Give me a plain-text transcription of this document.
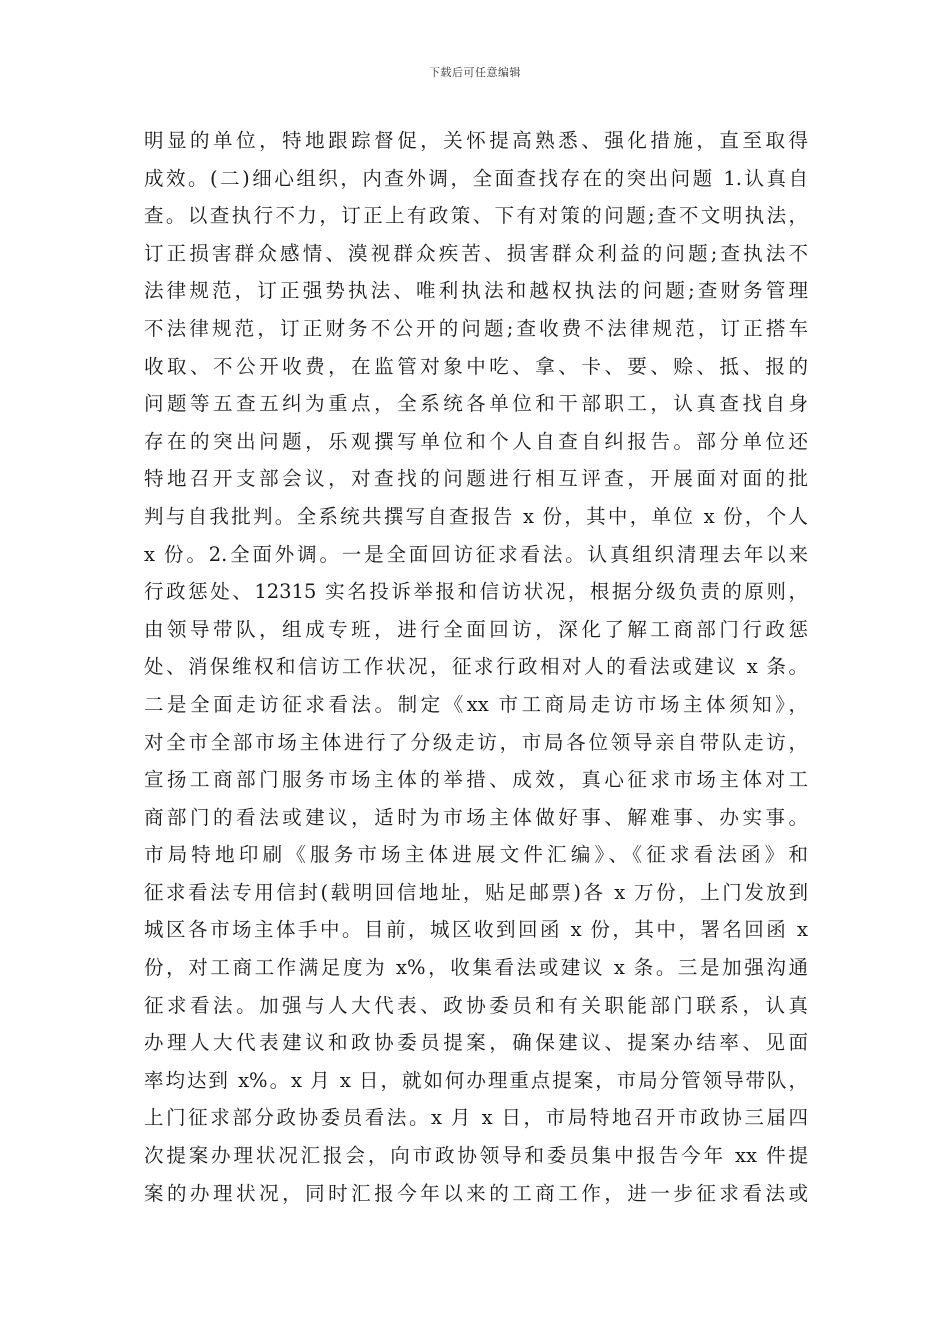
下载后可任意编辑
明显的单位，特地跟踪督促，关怀提高熟悉、强化措施，直至取得
成效。(二)细心组织，内查外调，全面查找存在的突出问题 1.认真自
查。以查执行不力，订正上有政策、下有对策的问题;查不文明执法，
订正损害群众感情、漠视群众疾苦、损害群众利益的问题;查执法不
法律规范，订正强势执法、唯利执法和越权执法的问题;查财务管理
不法律规范，订正财务不公开的问题;查收费不法律规范，订正搭车
收取、不公开收费，在监管对象中吃、拿、卡、要、赊、抵、报的
问题等五查五纠为重点，全系统各单位和干部职工，认真查找自身
存在的突出问题，乐观撰写单位和个人自查自纠报告。部分单位还
特地召开支部会议，对查找的问题进行相互评查，开展面对面的批
判与自我批判。全系统共撰写自查报告 x 份，其中，单位 x 份，个人
x 份。2.全面外调。一是全面回访征求看法。认真组织清理去年以来
行政惩处、12315 实名投诉举报和信访状况，根据分级负责的原则，
由领导带队，组成专班，进行全面回访，深化了解工商部门行政惩
处、消保维权和信访工作状况，征求行政相对人的看法或建议 x 条。
二是全面走访征求看法。制定《xx 市工商局走访市场主体须知》，
对全市全部市场主体进行了分级走访，市局各位领导亲自带队走访，
宣扬工商部门服务市场主体的举措、成效，真心征求市场主体对工
商部门的看法或建议，适时为市场主体做好事、解难事、办实事。
市局特地印刷《服务市场主体进展文件汇编》、《征求看法函》和
征求看法专用信封(载明回信地址，贴足邮票)各 x 万份，上门发放到
城区各市场主体手中。目前，城区收到回函 x 份，其中，署名回函 x
份，对工商工作满足度为 x%，收集看法或建议 x 条。三是加强沟通
征求看法。加强与人大代表、政协委员和有关职能部门联系，认真
办理人大代表建议和政协委员提案，确保建议、提案办结率、见面
率均达到 x%。x 月 x 日，就如何办理重点提案，市局分管领导带队，
上门征求部分政协委员看法。x 月 x 日，市局特地召开市政协三届四
次提案办理状况汇报会，向市政协领导和委员集中报告今年 xx 件提
案的办理状况，同时汇报今年以来的工商工作，进一步征求看法或
